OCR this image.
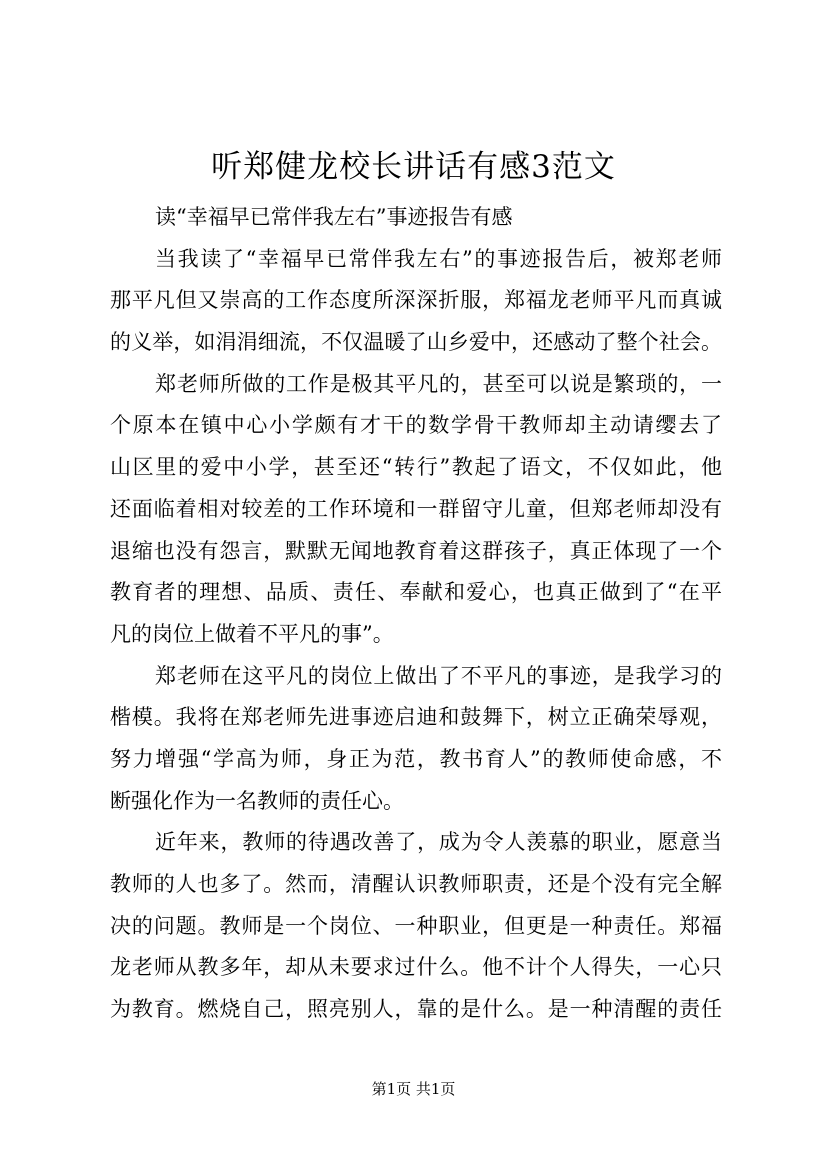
听郑健龙校长讲话有感3范文
读“幸福早已常伴我左右”事迹报告有感
当我读了“幸福早已常伴我左右”的事迹报告后，被郑老师
那平凡但又崇高的工作态度所深深折服，郑福龙老师平凡而真诚
的义举，如涓涓细流，不仅温暖了山乡爱中，还感动了整个社会。
郑老师所做的工作是极其平凡的，甚至可以说是繁琐的，一
个原本在镇中心小学颇有才干的数学骨干教师却主动请缨去了
山区里的爱中小学，甚至还“转行”教起了语文，不仅如此，他
还面临着相对较差的工作环境和一群留守儿童，但郑老师却没有
退缩也没有怨言，默默无闻地教育着这群孩子，真正体现了一个
教育者的理想、品质、责任、奉献和爱心，也真正做到了“在平
凡的岗位上做着不平凡的事”。
郑老师在这平凡的岗位上做出了不平凡的事迹，是我学习的
楷模。我将在郑老师先进事迹启迪和鼓舞下，树立正确荣辱观，
努力增强“学高为师，身正为范，教书育人”的教师使命感，不
断强化作为一名教师的责任心。
近年来，教师的待遇改善了，成为令人羡慕的职业，愿意当
教师的人也多了。然而，清醒认识教师职责，还是个没有完全解
决的问题。教师是一个岗位、一种职业，但更是一种责任。郑福
龙老师从教多年，却从未要求过什么。他不计个人得失，一心只
为教育。燃烧自己，照亮别人，靠的是什么。是一种清醒的责任
第1页 共1页
